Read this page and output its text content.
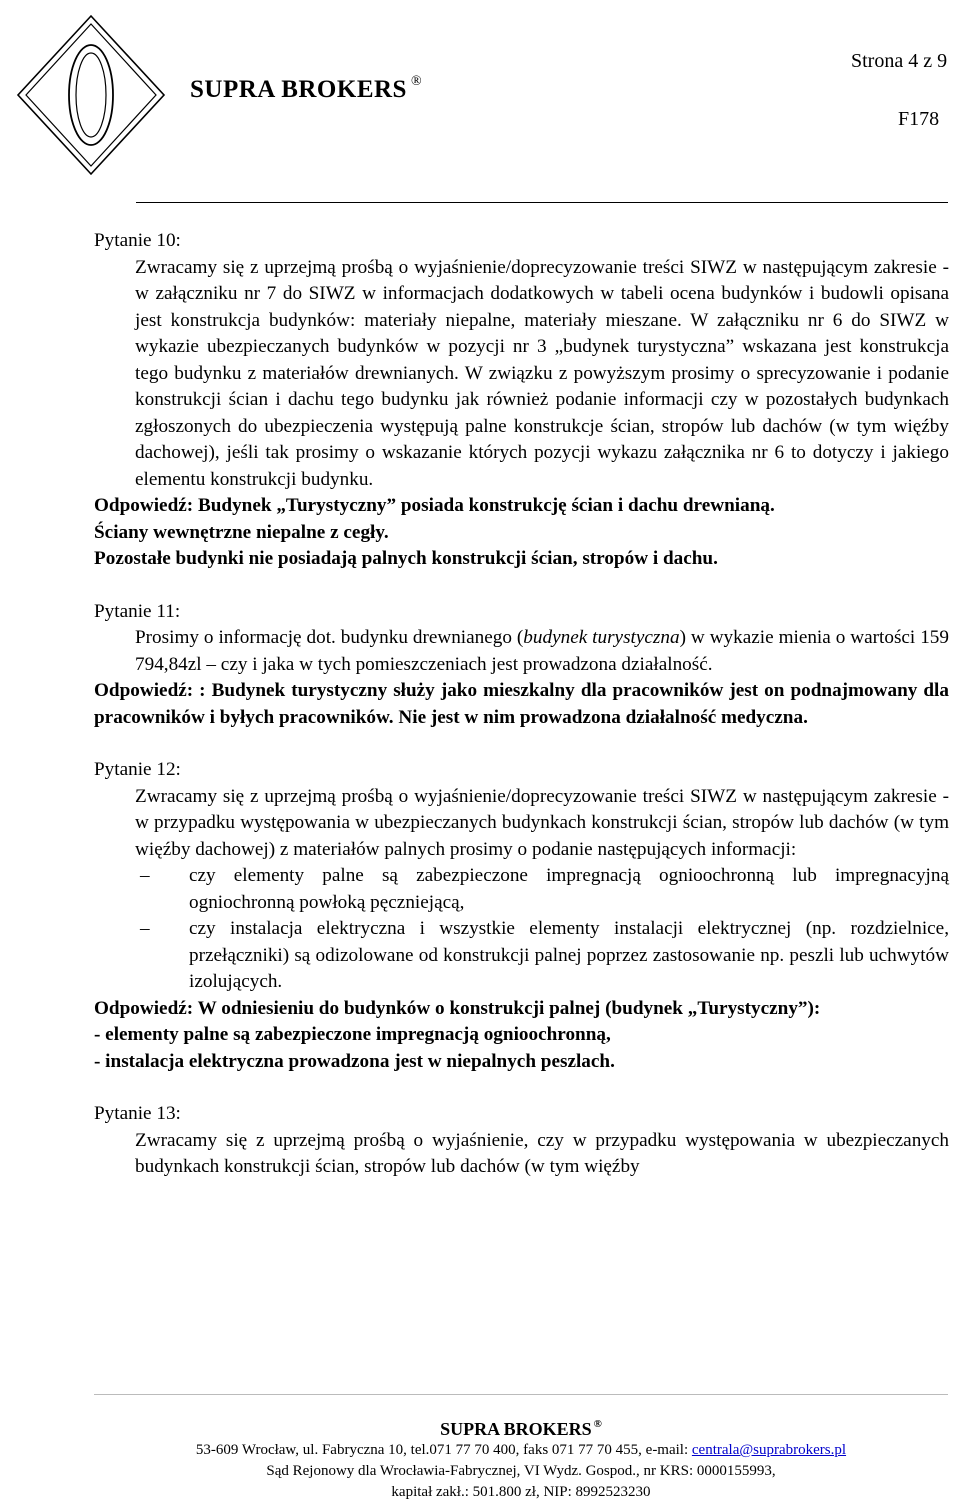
SUPRA BROKERS ®
Strona 4 z 9
F178

Pytanie 10:

Zwracamy się z uprzejmą prośbą o wyjaśnienie/doprecyzowanie treści SIWZ w następującym zakresie - w załączniku nr 7 do SIWZ w informacjach dodatkowych w tabeli ocena budynków i budowli opisana jest konstrukcja budynków: materiały niepalne, materiały mieszane. W załączniku nr 6 do SIWZ w wykazie ubezpieczanych budynków w pozycji nr 3 „budynek turystyczna” wskazana jest konstrukcja tego budynku z materiałów drewnianych. W związku z powyższym prosimy o sprecyzowanie i podanie konstrukcji ścian i dachu tego budynku jak również podanie informacji czy w pozostałych budynkach zgłoszonych do ubezpieczenia występują palne konstrukcje ścian, stropów lub dachów (w tym więźby dachowej), jeśli tak prosimy o wskazanie których pozycji wykazu załącznika nr 6 to dotyczy i jakiego elementu konstrukcji budynku.

Odpowiedź: Budynek „Turystyczny” posiada konstrukcję ścian i dachu drewnianą.

Ściany wewnętrzne niepalne z cegły.

Pozostałe budynki nie posiadają palnych konstrukcji ścian, stropów i dachu.

Pytanie 11:

Prosimy o informację dot. budynku drewnianego (budynek turystyczna) w wykazie mienia o wartości 159 794,84zl – czy i jaka w tych pomieszczeniach jest prowadzona działalność.

Odpowiedź: : Budynek turystyczny służy jako mieszkalny dla pracowników jest on podnajmowany dla pracowników i byłych pracowników. Nie jest w nim prowadzona działalność medyczna.

Pytanie 12:

Zwracamy się z uprzejmą prośbą o wyjaśnienie/doprecyzowanie treści SIWZ w następującym zakresie - w przypadku występowania w ubezpieczanych budynkach konstrukcji ścian, stropów lub dachów (w tym więźby dachowej) z materiałów palnych prosimy o podanie następujących informacji:

– czy elementy palne są zabezpieczone impregnacją ognioochronną lub impregnacyjną ogniochronną powłoką pęczniejącą,
– czy instalacja elektryczna i wszystkie elementy instalacji elektrycznej (np. rozdzielnice, przełączniki) są odizolowane od konstrukcji palnej poprzez zastosowanie np. peszli lub uchwytów izolujących.

Odpowiedź: W odniesieniu do budynków o konstrukcji palnej (budynek „Turystyczny”):

- elementy palne są zabezpieczone impregnacją ognioochronną,

- instalacja elektryczna prowadzona jest w niepalnych peszlach.

Pytanie 13:

Zwracamy się z uprzejmą prośbą o wyjaśnienie, czy w przypadku występowania w ubezpieczanych budynkach konstrukcji ścian, stropów lub dachów (w tym więźby

SUPRA BROKERS ®
53-609 Wrocław, ul. Fabryczna 10, tel.071 77 70 400, faks 071 77 70 455, e-mail: centrala@suprabrokers.pl
Sąd Rejonowy dla Wrocławia-Fabrycznej, VI Wydz. Gospod., nr KRS: 0000155993,
kapitał zakł.: 501.800 zł, NIP: 8992523230
